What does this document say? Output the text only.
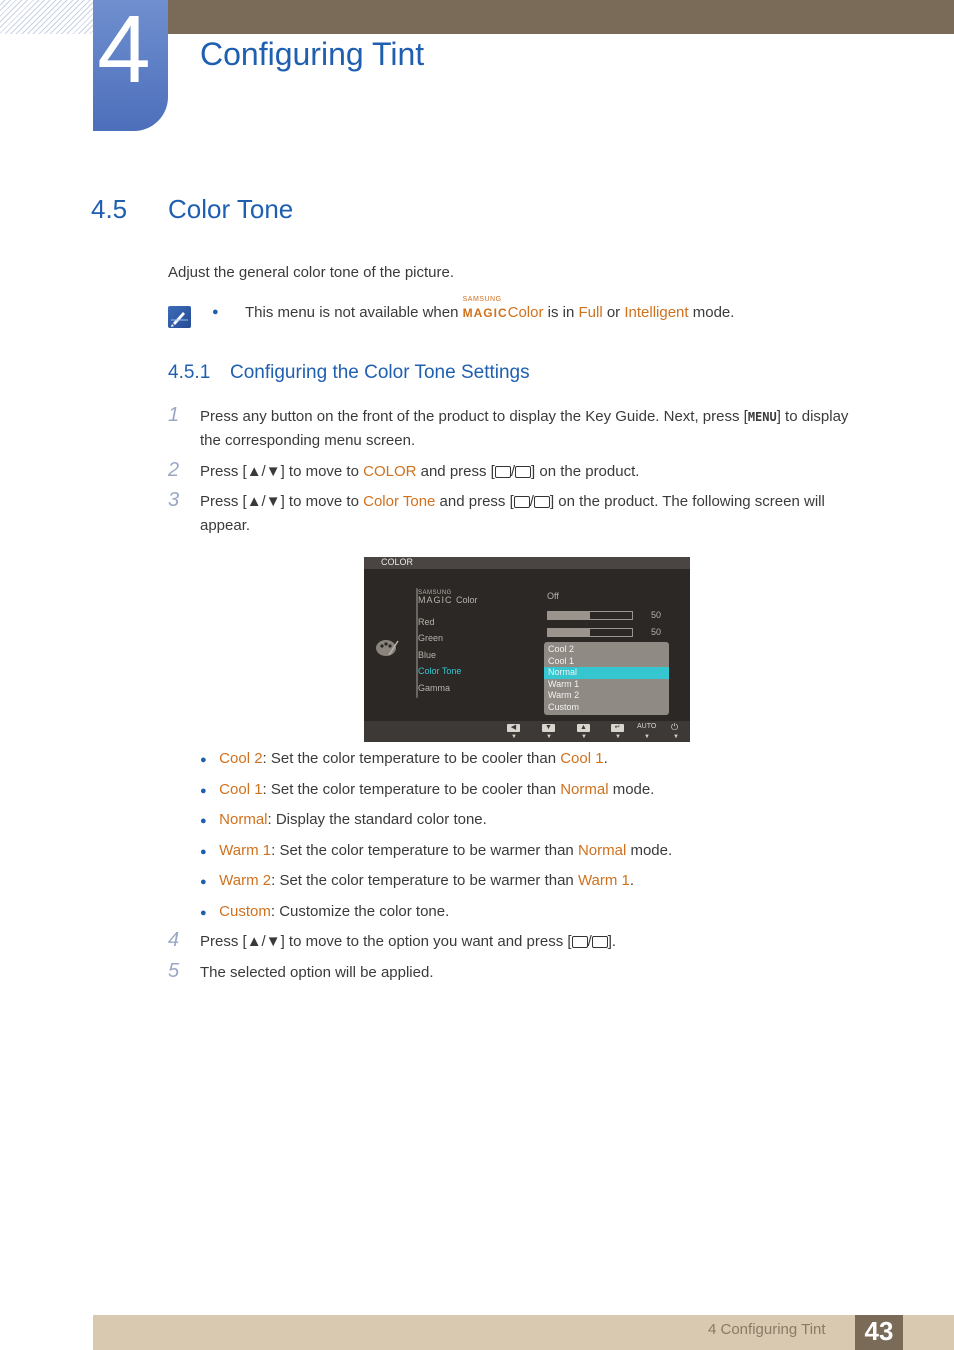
4 Configuring Tint
4.5 Color Tone
Adjust the general color tone of the picture.
● This menu is not available when
SAMSUNG
MAGICColor is in Full or Intelligent mode.
4.5.1 Configuring the Color Tone Settings
1 Press any button on the front of the product to display the Key Guide. Next, press [MENU] to display
the corresponding menu screen.
2 Press [▲/▼] to move to COLOR and press [ / ] on the product.
3 Press [▲/▼] to move to Color Tone and press [ / ] on the product. The following screen will
appear.
COLOR
SAMSUNG
MAGIC Color
Red
Green
Blue
Color Tone
Gamma
Off
50
50
Cool 2
Cool 1
Normal
Warm 1
Warm 2
Custom
◀	▼	▲	↵	AUTO ⏻
▼	▼	▼	▼	▼	▼
● Cool 2: Set the color temperature to be cooler than Cool 1.
● Cool 1: Set the color temperature to be cooler than Normal mode.
● Normal: Display the standard color tone.
● Warm 1: Set the color temperature to be warmer than Normal mode.
● Warm 2: Set the color temperature to be warmer than Warm 1.
● Custom: Customize the color tone.
4 Press [▲/▼] to move to the option you want and press [ / ].
5 The selected option will be applied.
4 Configuring Tint	43
